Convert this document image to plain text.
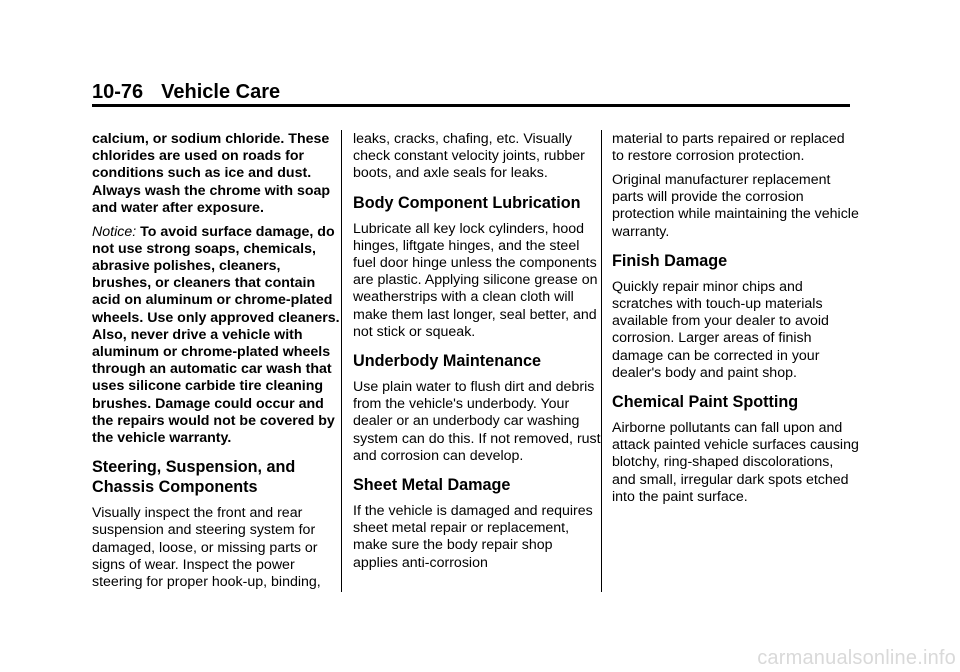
10-76 Vehicle Care

calcium, or sodium chloride. These chlorides are used on roads for conditions such as ice and dust. Always wash the chrome with soap and water after exposure.

Notice: To avoid surface damage, do not use strong soaps, chemicals, abrasive polishes, cleaners, brushes, or cleaners that contain acid on aluminum or chrome-plated wheels. Use only approved cleaners. Also, never drive a vehicle with aluminum or chrome-plated wheels through an automatic car wash that uses silicone carbide tire cleaning brushes. Damage could occur and the repairs would not be covered by the vehicle warranty.

Steering, Suspension, and Chassis Components

Visually inspect the front and rear suspension and steering system for damaged, loose, or missing parts or signs of wear. Inspect the power steering for proper hook-up, binding,

leaks, cracks, chafing, etc. Visually check constant velocity joints, rubber boots, and axle seals for leaks.

Body Component Lubrication

Lubricate all key lock cylinders, hood hinges, liftgate hinges, and the steel fuel door hinge unless the components are plastic. Applying silicone grease on weatherstrips with a clean cloth will make them last longer, seal better, and not stick or squeak.

Underbody Maintenance

Use plain water to flush dirt and debris from the vehicle's underbody. Your dealer or an underbody car washing system can do this. If not removed, rust and corrosion can develop.

Sheet Metal Damage

If the vehicle is damaged and requires sheet metal repair or replacement, make sure the body repair shop applies anti-corrosion

material to parts repaired or replaced to restore corrosion protection.

Original manufacturer replacement parts will provide the corrosion protection while maintaining the vehicle warranty.

Finish Damage

Quickly repair minor chips and scratches with touch-up materials available from your dealer to avoid corrosion. Larger areas of finish damage can be corrected in your dealer's body and paint shop.

Chemical Paint Spotting

Airborne pollutants can fall upon and attack painted vehicle surfaces causing blotchy, ring-shaped discolorations, and small, irregular dark spots etched into the paint surface.

carmanualsonline.info
